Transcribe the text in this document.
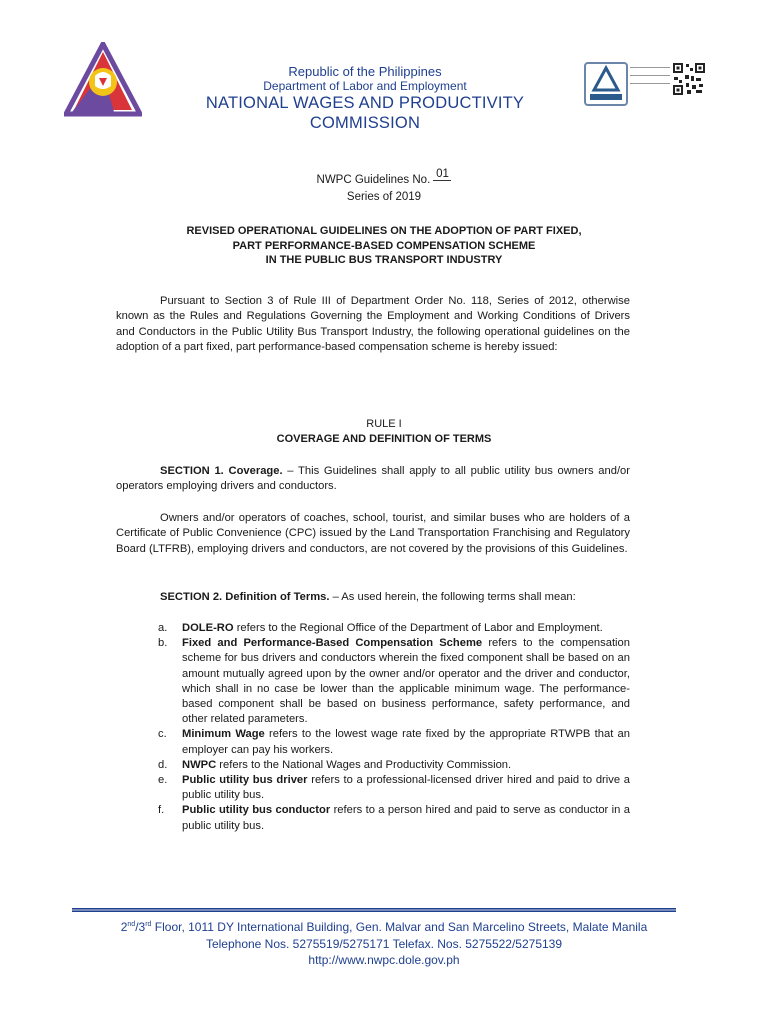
Republic of the Philippines
Department of Labor and Employment
NATIONAL WAGES AND PRODUCTIVITY COMMISSION
NWPC Guidelines No. 01
Series of 2019
REVISED OPERATIONAL GUIDELINES ON THE ADOPTION OF PART FIXED,
PART PERFORMANCE-BASED COMPENSATION SCHEME
IN THE PUBLIC BUS TRANSPORT INDUSTRY
Pursuant to Section 3 of Rule III of Department Order No. 118, Series of 2012, otherwise known as the Rules and Regulations Governing the Employment and Working Conditions of Drivers and Conductors in the Public Utility Bus Transport Industry, the following operational guidelines on the adoption of a part fixed, part performance-based compensation scheme is hereby issued:
RULE I
COVERAGE AND DEFINITION OF TERMS
SECTION 1. Coverage. – This Guidelines shall apply to all public utility bus owners and/or operators employing drivers and conductors.
Owners and/or operators of coaches, school, tourist, and similar buses who are holders of a Certificate of Public Convenience (CPC) issued by the Land Transportation Franchising and Regulatory Board (LTFRB), employing drivers and conductors, are not covered by the provisions of this Guidelines.
SECTION 2. Definition of Terms. – As used herein, the following terms shall mean:
a. DOLE-RO refers to the Regional Office of the Department of Labor and Employment.
b. Fixed and Performance-Based Compensation Scheme refers to the compensation scheme for bus drivers and conductors wherein the fixed component shall be based on an amount mutually agreed upon by the owner and/or operator and the driver and conductor, which shall in no case be lower than the applicable minimum wage. The performance-based component shall be based on business performance, safety performance, and other related parameters.
c. Minimum Wage refers to the lowest wage rate fixed by the appropriate RTWPB that an employer can pay his workers.
d. NWPC refers to the National Wages and Productivity Commission.
e. Public utility bus driver refers to a professional-licensed driver hired and paid to drive a public utility bus.
f. Public utility bus conductor refers to a person hired and paid to serve as conductor in a public utility bus.
2nd/3rd Floor, 1011 DY International Building, Gen. Malvar and San Marcelino Streets, Malate Manila
Telephone Nos. 5275519/5275171 Telefax. Nos. 5275522/5275139
http://www.nwpc.dole.gov.ph
